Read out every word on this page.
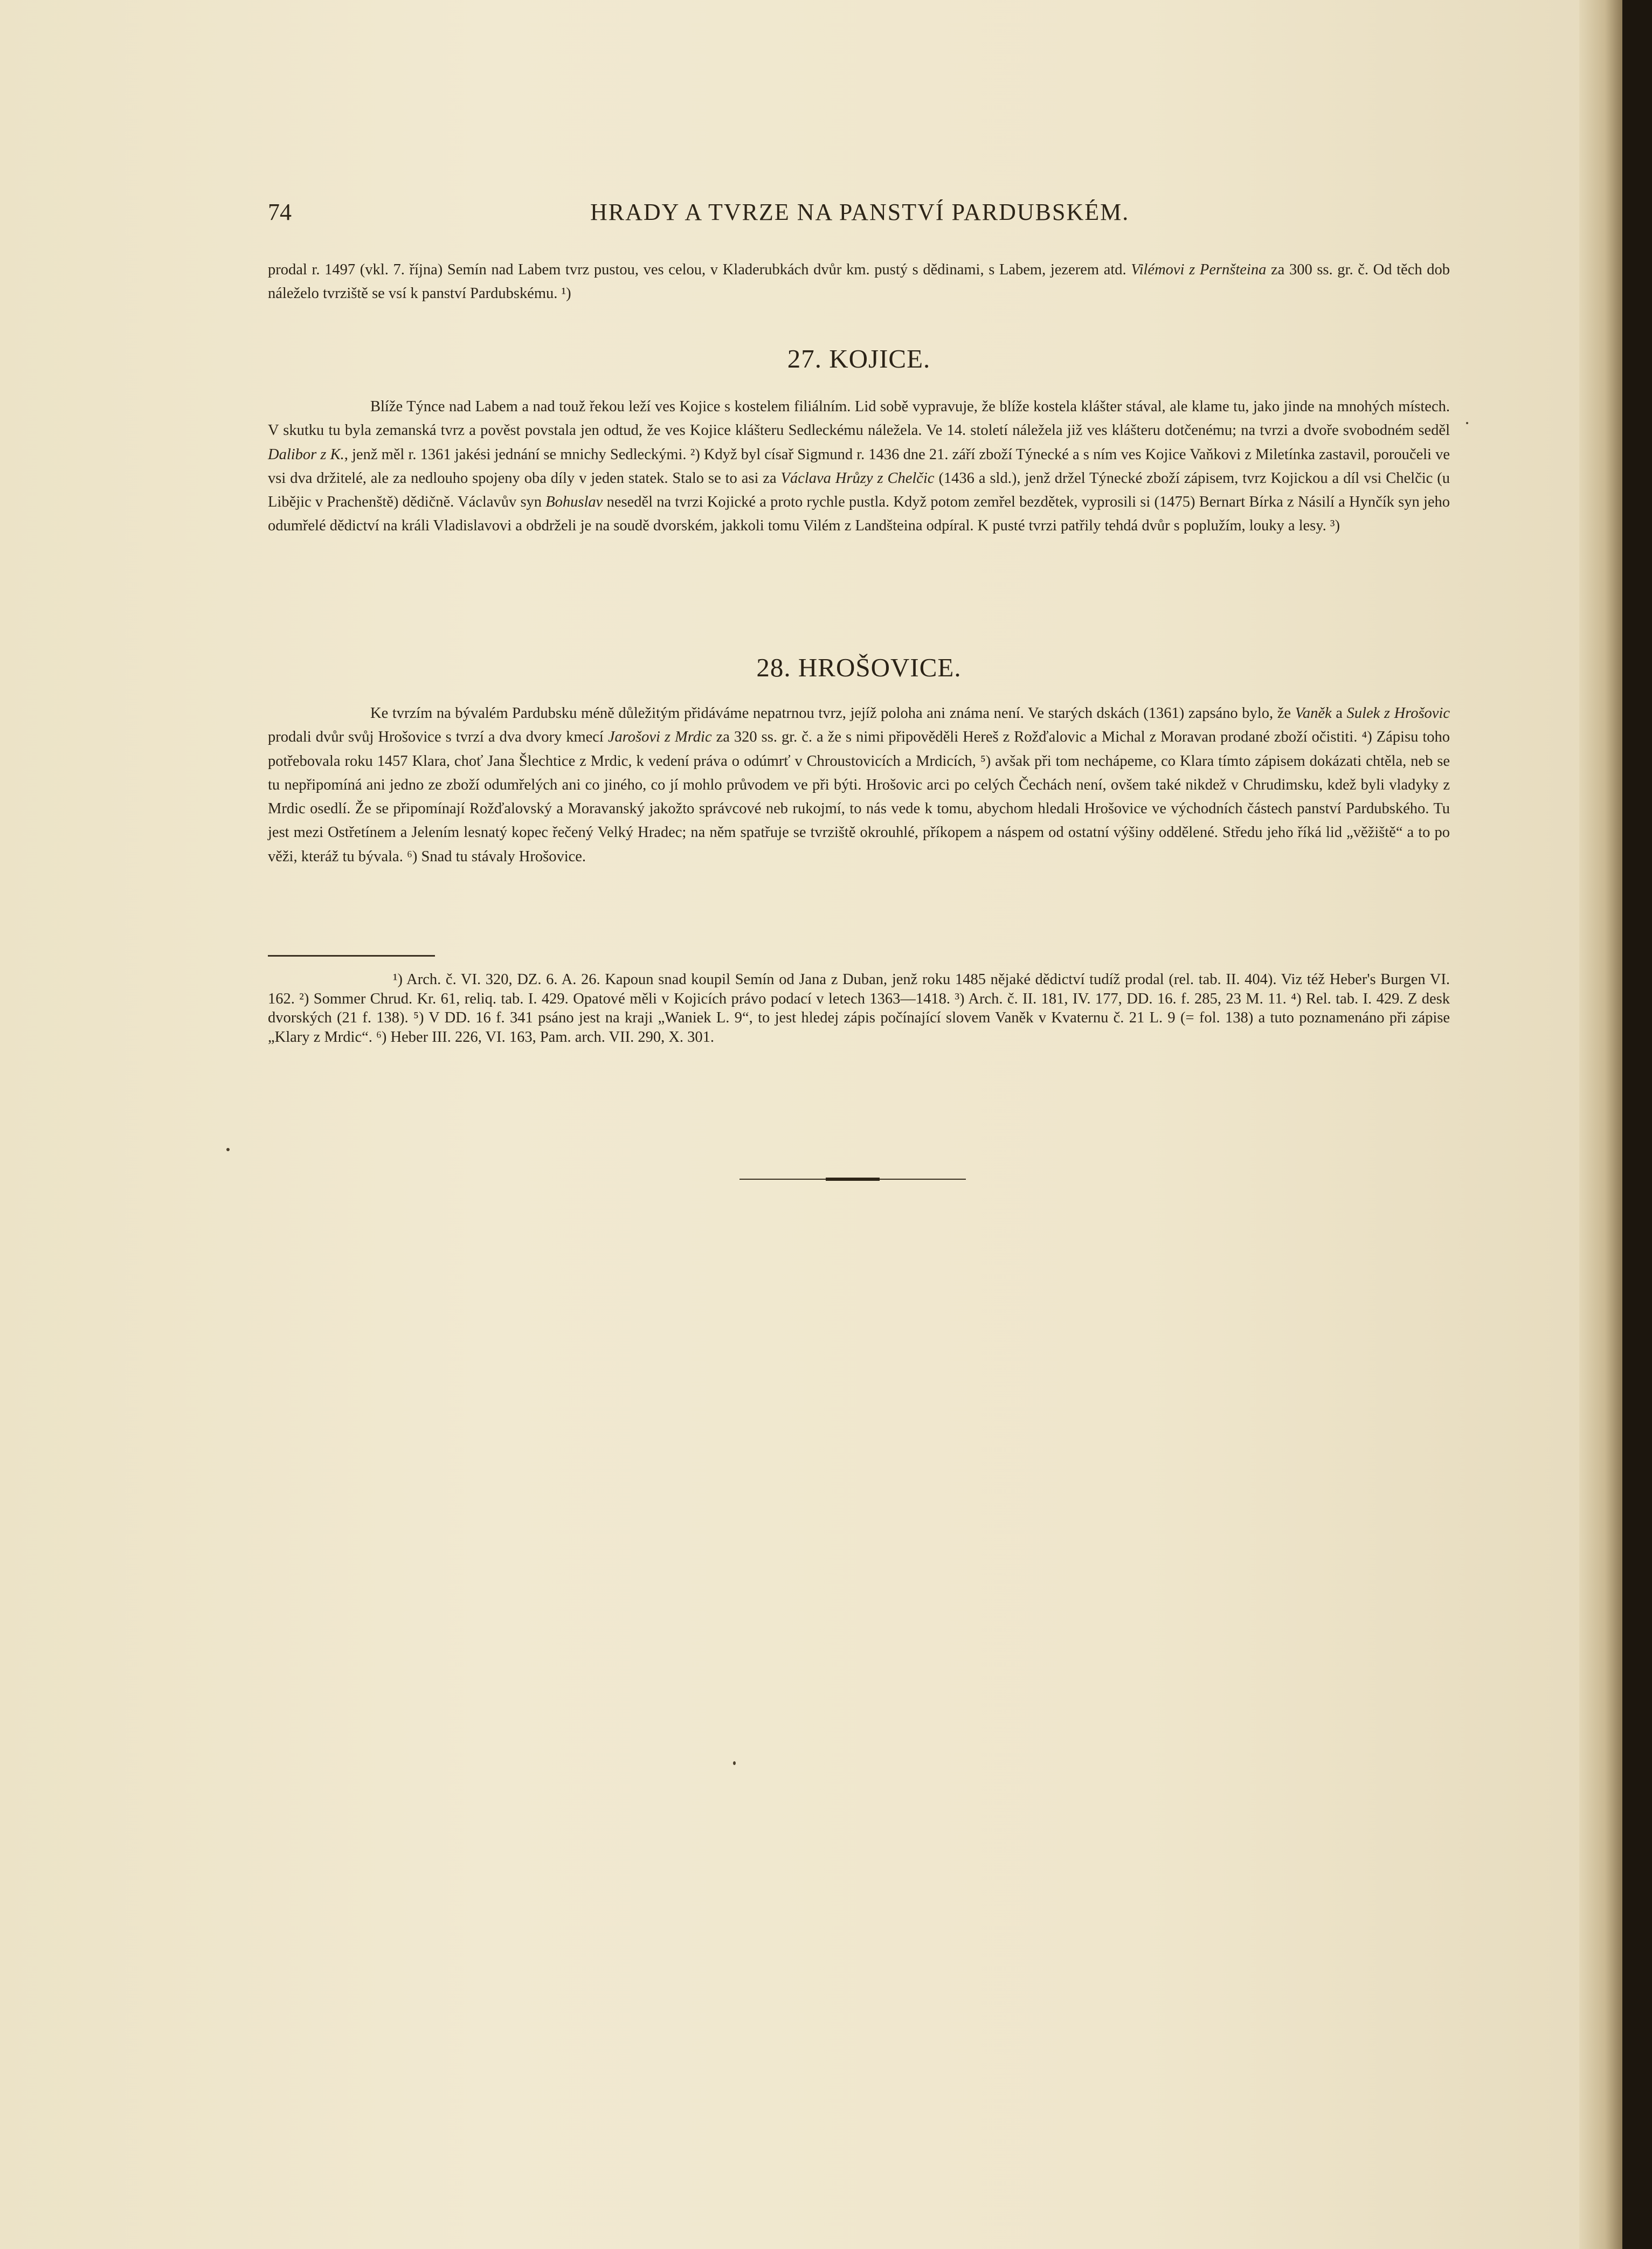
74	HRADY A TVRZE NA PANSTVÍ PARDUBSKÉM.

prodal r. 1497 (vkl. 7. října) Semín nad Labem tvrz pustou, ves celou, v Kladerubkách dvůr km. pustý s dědinami, s Labem, jezerem atd. Vilémovi z Pernšteina za 300 ss. gr. č. Od těch dob náleželo tvrziště se vsí k panství Pardubskému. ¹)

27. KOJICE.

Blíže Týnce nad Labem a nad touž řekou leží ves Kojice s kostelem filiálním. Lid sobě vypravuje, že blíže kostela klášter stával, ale klame tu, jako jinde na mnohých místech. V skutku tu byla zemanská tvrz a pověst povstala jen odtud, že ves Kojice klášteru Sedleckému náležela. Ve 14. století náležela již ves klášteru dotčenému; na tvrzi a dvoře svobodném seděl Dalibor z K., jenž měl r. 1361 jakési jednání se mnichy Sedleckými. ²) Když byl císař Sigmund r. 1436 dne 21. září zboží Týnecké a s ním ves Kojice Vaňkovi z Miletínka zastavil, poroučeli ve vsi dva držitelé, ale za nedlouho spojeny oba díly v jeden statek. Stalo se to asi za Václava Hrůzy z Chelčic (1436 a sld.), jenž držel Týnecké zboží zápisem, tvrz Kojickou a díl vsi Chelčic (u Libějic v Prachenště) dědičně. Václavův syn Bohuslav neseděl na tvrzi Kojické a proto rychle pustla. Když potom zemřel bezdětek, vyprosili si (1475) Bernart Bírka z Násilí a Hynčík syn jeho odumřelé dědictví na králi Vladislavovi a obdrželi je na soudě dvorském, jakkoli tomu Vilém z Landšteina odpíral. K pusté tvrzi patřily tehdá dvůr s poplužím, louky a lesy. ³)

28. HROŠOVICE.

Ke tvrzím na bývalém Pardubsku méně důležitým přidáváme nepatrnou tvrz, jejíž poloha ani známa není. Ve starých dskách (1361) zapsáno bylo, že Vaněk a Sulek z Hrošovic prodali dvůr svůj Hrošovice s tvrzí a dva dvory kmecí Jarošovi z Mrdic za 320 ss. gr. č. a že s nimi připověděli Hereš z Rožďalovic a Michal z Moravan prodané zboží očistiti. ⁴) Zápisu toho potřebovala roku 1457 Klara, choť Jana Šlechtice z Mrdic, k vedení práva o odúmrť v Chroustovicích a Mrdicích, ⁵) avšak při tom nechápeme, co Klara tímto zápisem dokázati chtěla, neb se tu nepřipomíná ani jedno ze zboží odumřelých ani co jiného, co jí mohlo průvodem ve při býti. Hrošovic arci po celých Čechách není, ovšem také nikdež v Chrudimsku, kdež byli vladyky z Mrdic osedlí. Že se připomínají Rožďalovský a Moravanský jakožto správcové neb rukojmí, to nás vede k tomu, abychom hledali Hrošovice ve východních částech panství Pardubského. Tu jest mezi Ostřetínem a Jelením lesnatý kopec řečený Velký Hradec; na něm spatřuje se tvrziště okrouhlé, příkopem a náspem od ostatní výšiny oddělené. Středu jeho říká lid „věžiště“ a to po věži, kteráž tu bývala. ⁶) Snad tu stávaly Hrošovice.

¹) Arch. č. VI. 320, DZ. 6. A. 26. Kapoun snad koupil Semín od Jana z Duban, jenž roku 1485 nějaké dědictví tudíž prodal (rel. tab. II. 404). Viz též Heber's Burgen VI. 162. ²) Sommer Chrud. Kr. 61, reliq. tab. I. 429. Opatové měli v Kojicích právo podací v letech 1363—1418. ³) Arch. č. II. 181, IV. 177, DD. 16. f. 285, 23 M. 11. ⁴) Rel. tab. I. 429. Z desk dvorských (21 f. 138). ⁵) V DD. 16 f. 341 psáno jest na kraji „Waniek L. 9“, to jest hledej zápis počínající slovem Vaněk v Kvaternu č. 21 L. 9 (= fol. 138) a tuto poznamenáno při zápise „Klary z Mrdic“. ⁶) Heber III. 226, VI. 163, Pam. arch. VII. 290, X. 301.
